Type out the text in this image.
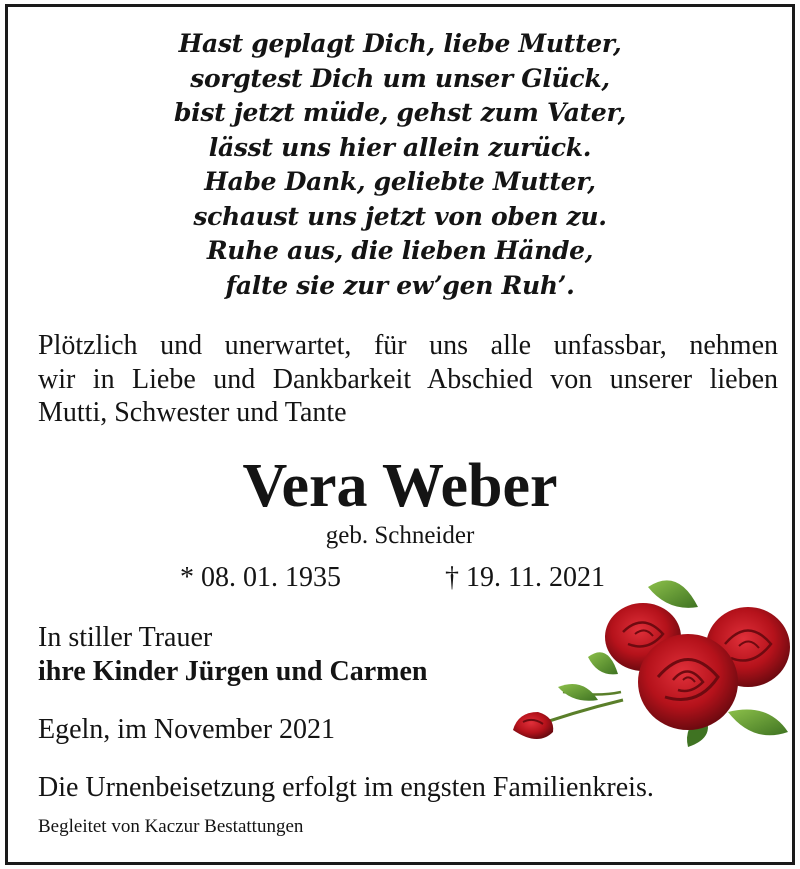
Hast geplagt Dich, liebe Mutter,
sorgtest Dich um unser Glück,
bist jetzt müde, gehst zum Vater,
lässt uns hier allein zurück.
Habe Dank, geliebte Mutter,
schaust uns jetzt von oben zu.
Ruhe aus, die lieben Hände,
falte sie zur ew’gen Ruh’.
Plötzlich und unerwartet, für uns alle unfassbar, nehmen
wir in Liebe und Dankbarkeit Abschied von unserer lieben
Mutti, Schwester und Tante
Vera Weber
geb. Schneider
* 08. 01. 1935	† 19. 11. 2021
In stiller Trauer
ihre Kinder Jürgen und Carmen
Egeln, im November 2021
Die Urnenbeisetzung erfolgt im engsten Familienkreis.
Begleitet von Kaczur Bestattungen
